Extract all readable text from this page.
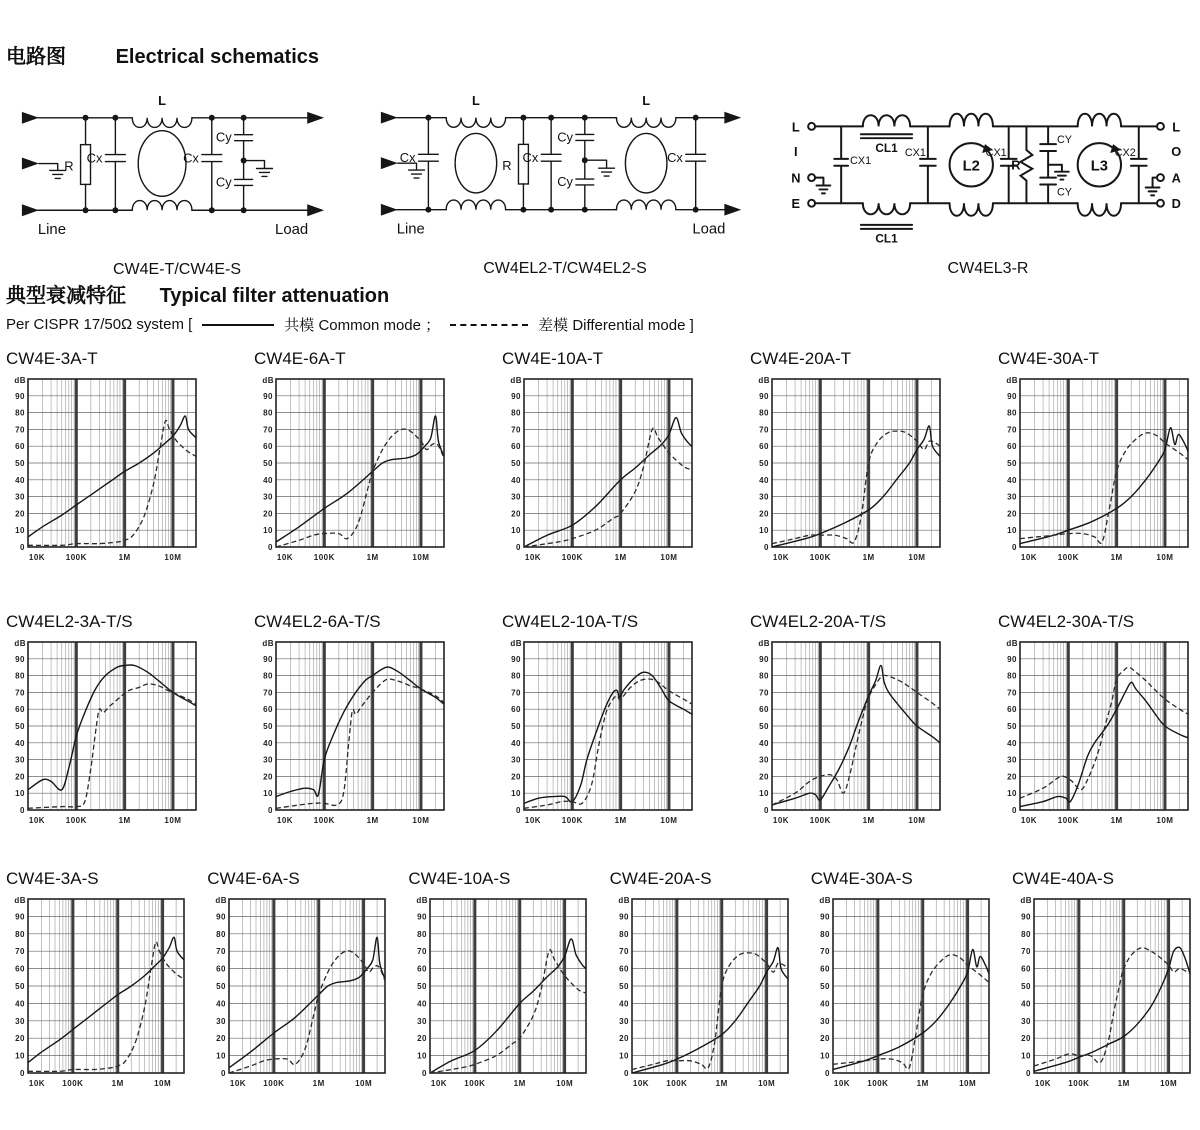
电路图 Electrical schematics
L
R
Cx	Cx
Cy
Cy
Line	Load
CW4E-T/CW4E-S
L	L
Cx
R
Cx
Cy
Cy
Cx
Line	Load
CW4EL2-T/CW4EL2-S
L
I
N
E
L
O
A
D
CX1
CL1
CL1
CX1
L2
CX1
R
CY
CY
L3
CX2
CW4EL3-R
典型衰减特征 Typical filter attenuation
Per CISPR 17/50Ω system [	共模 Common mode ；	差模 Differential mode ]
CW4E-3A-T
0
10
20
30
40
50
60
70
80
90
dB
10K	100K	1M	10M
CW4E-6A-T
0
10
20
30
40
50
60
70
80
90
dB
10K	100K	1M	10M
CW4E-10A-T
0
10
20
30
40
50
60
70
80
90
dB
10K	100K	1M	10M
CW4E-20A-T
0
10
20
30
40
50
60
70
80
90
dB
10K	100K	1M	10M
CW4E-30A-T
0
10
20
30
40
50
60
70
80
90
dB
10K	100K	1M	10M
CW4EL2-3A-T/S
0
10
20
30
40
50
60
70
80
90
dB
10K	100K	1M	10M
CW4EL2-6A-T/S
0
10
20
30
40
50
60
70
80
90
dB
10K	100K	1M	10M
CW4EL2-10A-T/S
0
10
20
30
40
50
60
70
80
90
dB
10K	100K	1M	10M
CW4EL2-20A-T/S
0
10
20
30
40
50
60
70
80
90
dB
10K	100K	1M	10M
CW4EL2-30A-T/S
0
10
20
30
40
50
60
70
80
90
dB
10K	100K	1M	10M
CW4E-3A-S
0
10
20
30
40
50
60
70
80
90
dB
10K 100K	1M	10M
CW4E-6A-S
0
10
20
30
40
50
60
70
80
90
dB
10K 100K	1M	10M
CW4E-10A-S
0
10
20
30
40
50
60
70
80
90
dB
10K 100K	1M	10M
CW4E-20A-S
0
10
20
30
40
50
60
70
80
90
dB
10K 100K	1M	10M
CW4E-30A-S
0
10
20
30
40
50
60
70
80
90
dB
10K 100K	1M	10M
CW4E-40A-S
0
10
20
30
40
50
60
70
80
90
dB
10K 100K	1M	10M
